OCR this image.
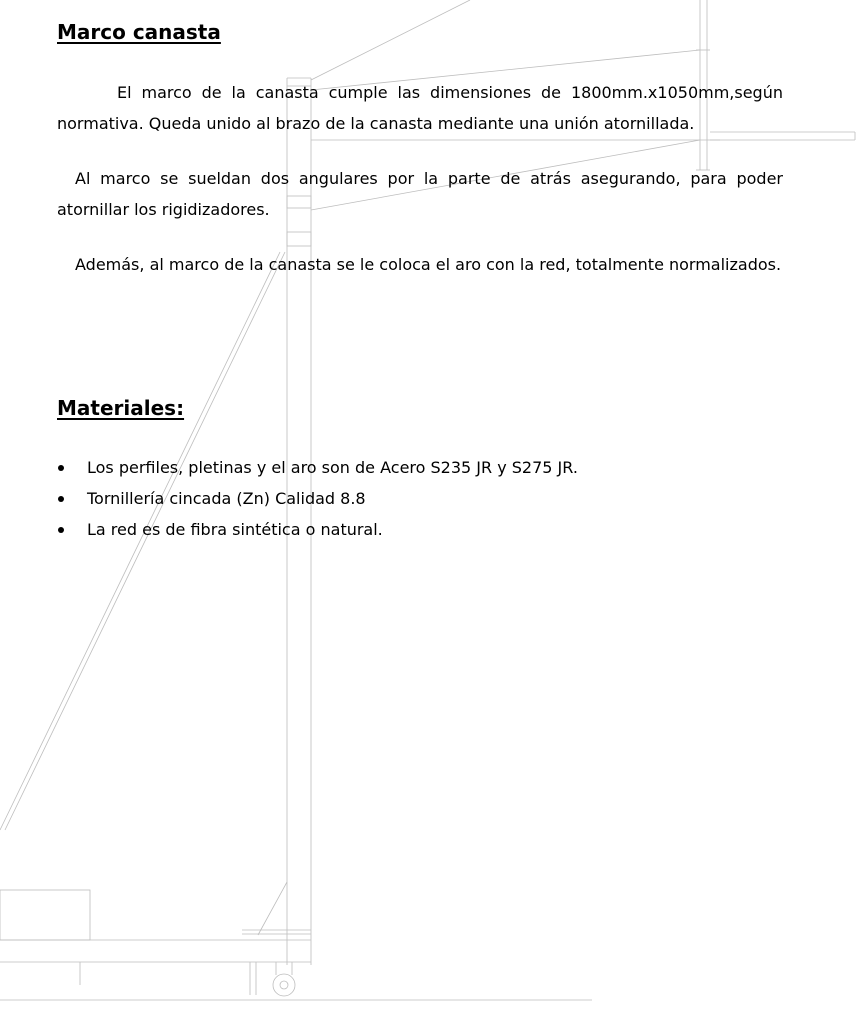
Marco canasta

El marco de la canasta cumple las dimensiones de 1800mm.x1050mm,según normativa. Queda unido al brazo de la canasta mediante una unión atornillada.

Al marco se sueldan dos angulares por la parte de atrás asegurando, para poder atornillar los rigidizadores.

Además, al marco de la canasta se le coloca el aro con la red, totalmente normalizados.

Materiales:
Los perfiles, pletinas y el aro son de Acero S235 JR y S275 JR.
Tornillería cincada (Zn) Calidad 8.8
La red es de fibra sintética o natural.
